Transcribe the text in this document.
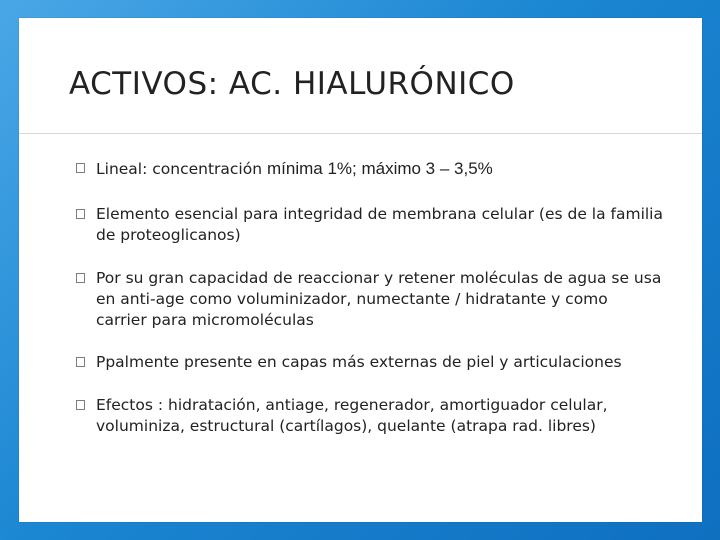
ACTIVOS: AC. HIALURÓNICO
Lineal: concentración mínima 1%; máximo 3 – 3,5%
Elemento esencial para integridad de membrana celular (es de la familia de proteoglicanos)
Por su gran capacidad de reaccionar y retener moléculas de agua se usa en anti-age como voluminizador, numectante / hidratante y como carrier para micromoléculas
Ppalmente presente en capas más externas de piel y articulaciones
Efectos : hidratación, antiage, regenerador, amortiguador celular, voluminiza, estructural (cartílagos), quelante (atrapa rad. libres)
